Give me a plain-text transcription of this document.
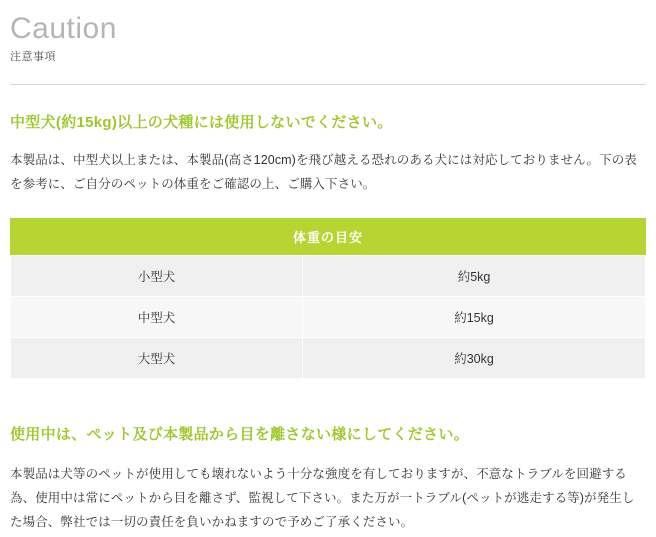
Caution
注意事項
中型犬(約15kg)以上の犬種には使用しないでください。

本製品は、中型犬以上または、本製品(高さ120cm)を飛び越える恐れのある犬には対応しておりません。下の表を参考に、ご自分のペットの体重をご確認の上、ご購入下さい。

体重の目安
小型犬	約5kg
中型犬	約15kg
大型犬	約30kg
使用中は、ペット及び本製品から目を離さない様にしてください。

本製品は犬等のペットが使用しても壊れないよう十分な強度を有しておりますが、不意なトラブルを回避する為、使用中は常にペットから目を離さず、監視して下さい。また万が一トラブル(ペットが逃走する等)が発生した場合、弊社では一切の責任を負いかねますので予めご了承ください。
